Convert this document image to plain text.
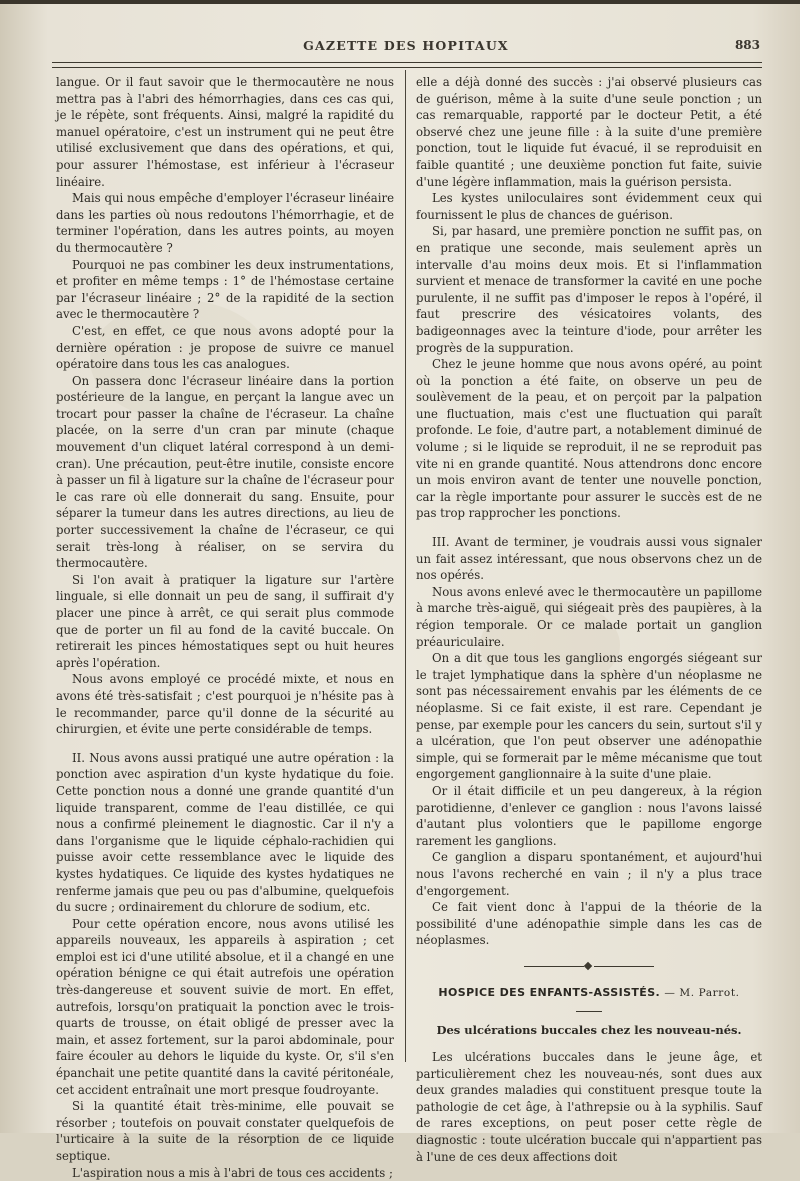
GAZETTE DES HOPITAUX	883

langue. Or il faut savoir que le thermocautère ne nous mettra pas à l'abri des hémorrhagies, dans ces cas qui, je le répète, sont fréquents. Ainsi, malgré la rapidité du manuel opératoire, c'est un instrument qui ne peut être utilisé exclusivement que dans des opérations, et qui, pour assurer l'hémostase, est inférieur à l'écraseur linéaire.

Mais qui nous empêche d'employer l'écraseur linéaire dans les parties où nous redoutons l'hémorrhagie, et de terminer l'opération, dans les autres points, au moyen du thermocautère ?

Pourquoi ne pas combiner les deux instrumentations, et profiter en même temps : 1° de l'hémostase certaine par l'écraseur linéaire ; 2° de la rapidité de la section avec le thermocautère ?

C'est, en effet, ce que nous avons adopté pour la dernière opération : je propose de suivre ce manuel opératoire dans tous les cas analogues.

On passera donc l'écraseur linéaire dans la portion postérieure de la langue, en perçant la langue avec un trocart pour passer la chaîne de l'écraseur. La chaîne placée, on la serre d'un cran par minute (chaque mouvement d'un cliquet latéral correspond à un demi-cran). Une précaution, peut-être inutile, consiste encore à passer un fil à ligature sur la chaîne de l'écraseur pour le cas rare où elle donnerait du sang. Ensuite, pour séparer la tumeur dans les autres directions, au lieu de porter successivement la chaîne de l'écraseur, ce qui serait très-long à réaliser, on se servira du thermocautère.

Si l'on avait à pratiquer la ligature sur l'artère linguale, si elle donnait un peu de sang, il suffirait d'y placer une pince à arrêt, ce qui serait plus commode que de porter un fil au fond de la cavité buccale. On retirerait les pinces hémostatiques sept ou huit heures après l'opération.

Nous avons employé ce procédé mixte, et nous en avons été très-satisfait ; c'est pourquoi je n'hésite pas à le recommander, parce qu'il donne de la sécurité au chirurgien, et évite une perte considérable de temps.

II. Nous avons aussi pratiqué une autre opération : la ponction avec aspiration d'un kyste hydatique du foie. Cette ponction nous a donné une grande quantité d'un liquide transparent, comme de l'eau distillée, ce qui nous a confirmé pleinement le diagnostic. Car il n'y a dans l'organisme que le liquide céphalo-rachidien qui puisse avoir cette ressemblance avec le liquide des kystes hydatiques. Ce liquide des kystes hydatiques ne renferme jamais que peu ou pas d'albumine, quelquefois du sucre ; ordinairement du chlorure de sodium, etc.

Pour cette opération encore, nous avons utilisé les appareils nouveaux, les appareils à aspiration ; cet emploi est ici d'une utilité absolue, et il a changé en une opération bénigne ce qui était autrefois une opération très-dangereuse et souvent suivie de mort. En effet, autrefois, lorsqu'on pratiquait la ponction avec le trois-quarts de trousse, on était obligé de presser avec la main, et assez fortement, sur la paroi abdominale, pour faire écouler au dehors le liquide du kyste. Or, s'il s'en épanchait une petite quantité dans la cavité péritonéale, cet accident entraînait une mort presque foudroyante.

Si la quantité était très-minime, elle pouvait se résorber ; toutefois on pouvait constater quelquefois de l'urticaire à la suite de la résorption de ce liquide septique.

L'aspiration nous a mis à l'abri de tous ces accidents ;

elle a déjà donné des succès : j'ai observé plusieurs cas de guérison, même à la suite d'une seule ponction ; un cas remarquable, rapporté par le docteur Petit, a été observé chez une jeune fille : à la suite d'une première ponction, tout le liquide fut évacué, il se reproduisit en faible quantité ; une deuxième ponction fut faite, suivie d'une légère inflammation, mais la guérison persista.

Les kystes uniloculaires sont évidemment ceux qui fournissent le plus de chances de guérison.

Si, par hasard, une première ponction ne suffit pas, on en pratique une seconde, mais seulement après un intervalle d'au moins deux mois. Et si l'inflammation survient et menace de transformer la cavité en une poche purulente, il ne suffit pas d'imposer le repos à l'opéré, il faut prescrire des vésicatoires volants, des badigeonnages avec la teinture d'iode, pour arrêter les progrès de la suppuration.

Chez le jeune homme que nous avons opéré, au point où la ponction a été faite, on observe un peu de soulèvement de la peau, et on perçoit par la palpation une fluctuation, mais c'est une fluctuation qui paraît profonde. Le foie, d'autre part, a notablement diminué de volume ; si le liquide se reproduit, il ne se reproduit pas vite ni en grande quantité. Nous attendrons donc encore un mois environ avant de tenter une nouvelle ponction, car la règle importante pour assurer le succès est de ne pas trop rapprocher les ponctions.

III. Avant de terminer, je voudrais aussi vous signaler un fait assez intéressant, que nous observons chez un de nos opérés.

Nous avons enlevé avec le thermocautère un papillome à marche très-aiguë, qui siégeait près des paupières, à la région temporale. Or ce malade portait un ganglion préauriculaire.

On a dit que tous les ganglions engorgés siégeant sur le trajet lymphatique dans la sphère d'un néoplasme ne sont pas nécessairement envahis par les éléments de ce néoplasme. Si ce fait existe, il est rare. Cependant je pense, par exemple pour les cancers du sein, surtout s'il y a ulcération, que l'on peut observer une adénopathie simple, qui se formerait par le même mécanisme que tout engorgement ganglionnaire à la suite d'une plaie.

Or il était difficile et un peu dangereux, à la région parotidienne, d'enlever ce ganglion : nous l'avons laissé d'autant plus volontiers que le papillome engorge rarement les ganglions.

Ce ganglion a disparu spontanément, et aujourd'hui nous l'avons recherché en vain ; il n'y a plus trace d'engorgement.

Ce fait vient donc à l'appui de la théorie de la possibilité d'une adénopathie simple dans les cas de néoplasmes.

HOSPICE DES ENFANTS-ASSISTÉS. — M. Parrot.
Des ulcérations buccales chez les nouveau-nés.

Les ulcérations buccales dans le jeune âge, et particulièrement chez les nouveau-nés, sont dues aux deux grandes maladies qui constituent presque toute la pathologie de cet âge, à l'athrepsie ou à la syphilis. Sauf de rares exceptions, on peut poser cette règle de diagnostic : toute ulcération buccale qui n'appartient pas à l'une de ces deux affections doit
